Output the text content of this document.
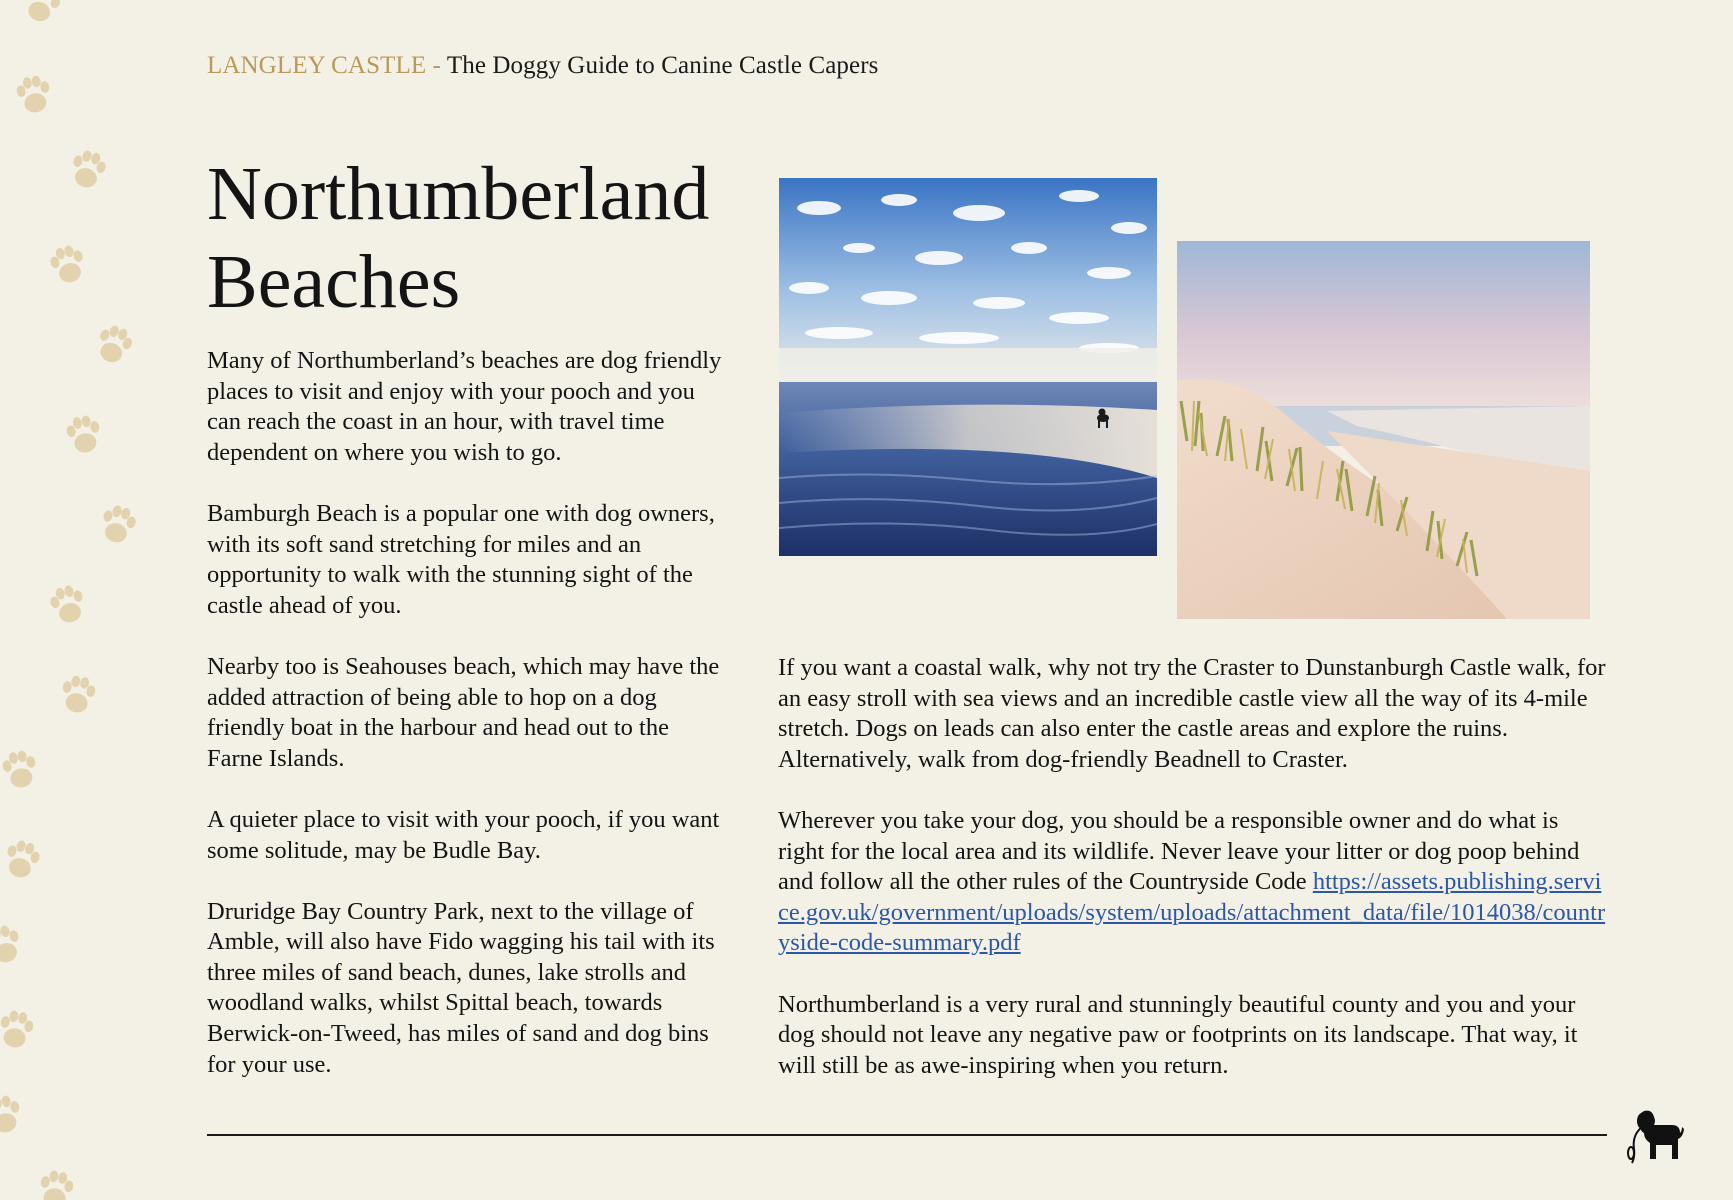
LANGLEY CASTLE - The Doggy Guide to Canine Castle Capers
Northumberland
Beaches

Many of Northumberland’s beaches are dog friendly places to visit and enjoy with your pooch and you can reach the coast in an hour, with travel time dependent on where you wish to go.

Bamburgh Beach is a popular one with dog owners, with its soft sand stretching for miles and an opportunity to walk with the stunning sight of the castle ahead of you.

Nearby too is Seahouses beach, which may have the added attraction of being able to hop on a dog friendly boat in the harbour and head out to the Farne Islands.

A quieter place to visit with your pooch, if you want some solitude, may be Budle Bay.

Druridge Bay Country Park, next to the village of Amble, will also have Fido wagging his tail with its three miles of sand beach, dunes, lake strolls and woodland walks, whilst Spittal beach, towards Berwick-on-Tweed, has miles of sand and dog bins for your use.

If you want a coastal walk, why not try the Craster to Dunstanburgh Castle walk, for an easy stroll with sea views and an incredible castle view all the way of its 4-mile stretch. Dogs on leads can also enter the castle areas and explore the ruins. Alternatively, walk from dog-friendly Beadnell to Craster.

Wherever you take your dog, you should be a responsible owner and do what is right for the local area and its wildlife. Never leave your litter or dog poop behind and follow all the other rules of the Countryside Code https://assets.publishing.service.gov.uk/government/uploads/system/uploads/attachment_data/file/1014038/countryside-code-summary.pdf

Northumberland is a very rural and stunningly beautiful county and you and your dog should not leave any negative paw or footprints on its landscape. That way, it will still be as awe-inspiring when you return.
